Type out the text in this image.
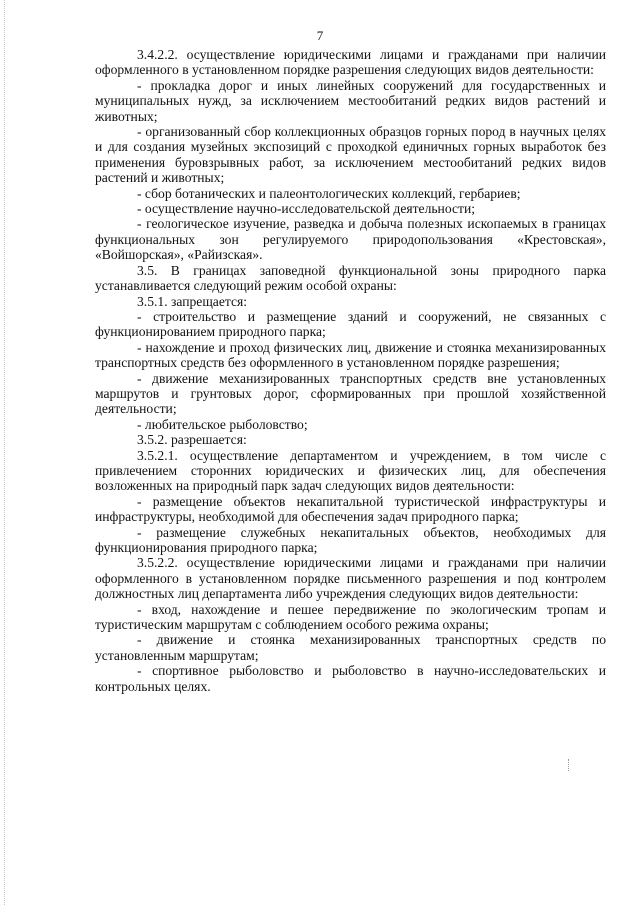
7

3.4.2.2. осуществление юридическими лицами и гражданами при наличии оформленного в установленном порядке разрешения следующих видов деятельности:

- прокладка дорог и иных линейных сооружений для государственных и муниципальных нужд, за исключением местообитаний редких видов растений и животных;

- организованный сбор коллекционных образцов горных пород в научных целях и для создания музейных экспозиций с проходкой единичных горных выработок без применения буровзрывных работ, за исключением местообитаний редких видов растений и животных;

- сбор ботанических и палеонтологических коллекций, гербариев;

- осуществление научно-исследовательской деятельности;

- геологическое изучение, разведка и добыча полезных ископаемых в границах функциональных зон регулируемого природопользования «Крестовская», «Войшорская», «Райизская».

3.5. В границах заповедной функциональной зоны природного парка устанавливается следующий режим особой охраны:

3.5.1. запрещается:

- строительство и размещение зданий и сооружений, не связанных с функционированием природного парка;

- нахождение и проход физических лиц, движение и стоянка механизированных транспортных средств без оформленного в установленном порядке разрешения;

- движение механизированных транспортных средств вне установленных маршрутов и грунтовых дорог, сформированных при прошлой хозяйственной деятельности;

- любительское рыболовство;

3.5.2. разрешается:

3.5.2.1. осуществление департаментом и учреждением, в том числе с привлечением сторонних юридических и физических лиц, для обеспечения возложенных на природный парк задач следующих видов деятельности:

- размещение объектов некапитальной туристической инфраструктуры и инфраструктуры, необходимой для обеспечения задач природного парка;

- размещение служебных некапитальных объектов, необходимых для функционирования природного парка;

3.5.2.2. осуществление юридическими лицами и гражданами при наличии оформленного в установленном порядке письменного разрешения и под контролем должностных лиц департамента либо учреждения следующих видов деятельности:

- вход, нахождение и пешее передвижение по экологическим тропам и туристическим маршрутам с соблюдением особого режима охраны;

- движение и стоянка механизированных транспортных средств по установленным маршрутам;

- спортивное рыболовство и рыболовство в научно-исследовательских и контрольных целях.
